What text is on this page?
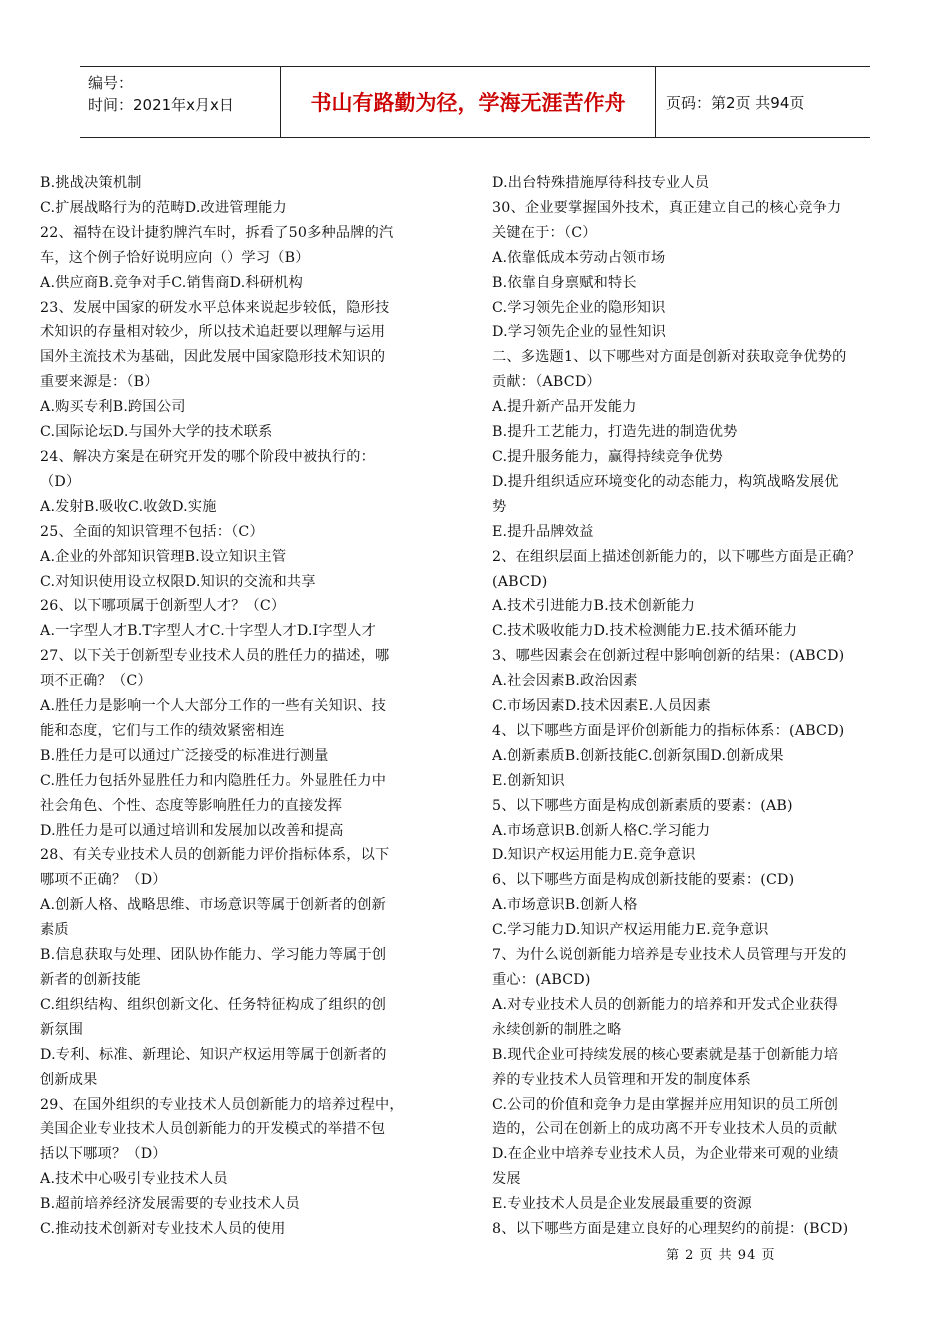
编号：
时间：2021年x月x日	书山有路勤为径，学海无涯苦作舟	页码：第2页 共94页
B.挑战决策机制
C.扩展战略行为的范畴D.改进管理能力
22、福特在设计捷豹牌汽车时，拆看了50多种品牌的汽
车，这个例子恰好说明应向（）学习（B）
A.供应商B.竞争对手C.销售商D.科研机构
23、发展中国家的研发水平总体来说起步较低，隐形技
术知识的存量相对较少，所以技术追赶要以理解与运用
国外主流技术为基础，因此发展中国家隐形技术知识的
重要来源是：（B）
A.购买专利B.跨国公司
C.国际论坛D.与国外大学的技术联系
24、解决方案是在研究开发的哪个阶段中被执行的：
（D）
A.发射B.吸收C.收敛D.实施
25、全面的知识管理不包括：（C）
A.企业的外部知识管理B.设立知识主管
C.对知识使用设立权限D.知识的交流和共享
26、以下哪项属于创新型人才？（C）
A.一字型人才B.T字型人才C.十字型人才D.I字型人才
27、以下关于创新型专业技术人员的胜任力的描述，哪
项不正确？（C）
A.胜任力是影响一个人大部分工作的一些有关知识、技
能和态度，它们与工作的绩效紧密相连
B.胜任力是可以通过广泛接受的标准进行测量
C.胜任力包括外显胜任力和内隐胜任力。外显胜任力中
社会角色、个性、态度等影响胜任力的直接发挥
D.胜任力是可以通过培训和发展加以改善和提高
28、有关专业技术人员的创新能力评价指标体系，以下
哪项不正确？（D）
A.创新人格、战略思维、市场意识等属于创新者的创新
素质
B.信息获取与处理、团队协作能力、学习能力等属于创
新者的创新技能
C.组织结构、组织创新文化、任务特征构成了组织的创
新氛围
D.专利、标准、新理论、知识产权运用等属于创新者的
创新成果
29、在国外组织的专业技术人员创新能力的培养过程中，
美国企业专业技术人员创新能力的开发模式的举措不包
括以下哪项？（D）
A.技术中心吸引专业技术人员
B.超前培养经济发展需要的专业技术人员
C.推动技术创新对专业技术人员的使用
D.出台特殊措施厚待科技专业人员
30、企业要掌握国外技术，真正建立自己的核心竞争力
关键在于：（C）
A.依靠低成本劳动占领市场
B.依靠自身禀赋和特长
C.学习领先企业的隐形知识
D.学习领先企业的显性知识
二、多选题1、以下哪些对方面是创新对获取竞争优势的
贡献：（ABCD）
A.提升新产品开发能力
B.提升工艺能力，打造先进的制造优势
C.提升服务能力，赢得持续竞争优势
D.提升组织适应环境变化的动态能力，构筑战略发展优
势
E.提升品牌效益
2、在组织层面上描述创新能力的，以下哪些方面是正确？
(ABCD)
A.技术引进能力B.技术创新能力
C.技术吸收能力D.技术检测能力E.技术循环能力
3、哪些因素会在创新过程中影响创新的结果：(ABCD)
A.社会因素B.政治因素
C.市场因素D.技术因素E.人员因素
4、以下哪些方面是评价创新能力的指标体系：(ABCD)
A.创新素质B.创新技能C.创新氛围D.创新成果
E.创新知识
5、以下哪些方面是构成创新素质的要素：(AB)
A.市场意识B.创新人格C.学习能力
D.知识产权运用能力E.竞争意识
6、以下哪些方面是构成创新技能的要素：(CD)
A.市场意识B.创新人格
C.学习能力D.知识产权运用能力E.竞争意识
7、为什么说创新能力培养是专业技术人员管理与开发的
重心：(ABCD)
A.对专业技术人员的创新能力的培养和开发式企业获得
永续创新的制胜之略
B.现代企业可持续发展的核心要素就是基于创新能力培
养的专业技术人员管理和开发的制度体系
C.公司的价值和竞争力是由掌握并应用知识的员工所创
造的，公司在创新上的成功离不开专业技术人员的贡献
D.在企业中培养专业技术人员，为企业带来可观的业绩
发展
E.专业技术人员是企业发展最重要的资源
8、以下哪些方面是建立良好的心理契约的前提：(BCD)
第 2 页 共 94 页
